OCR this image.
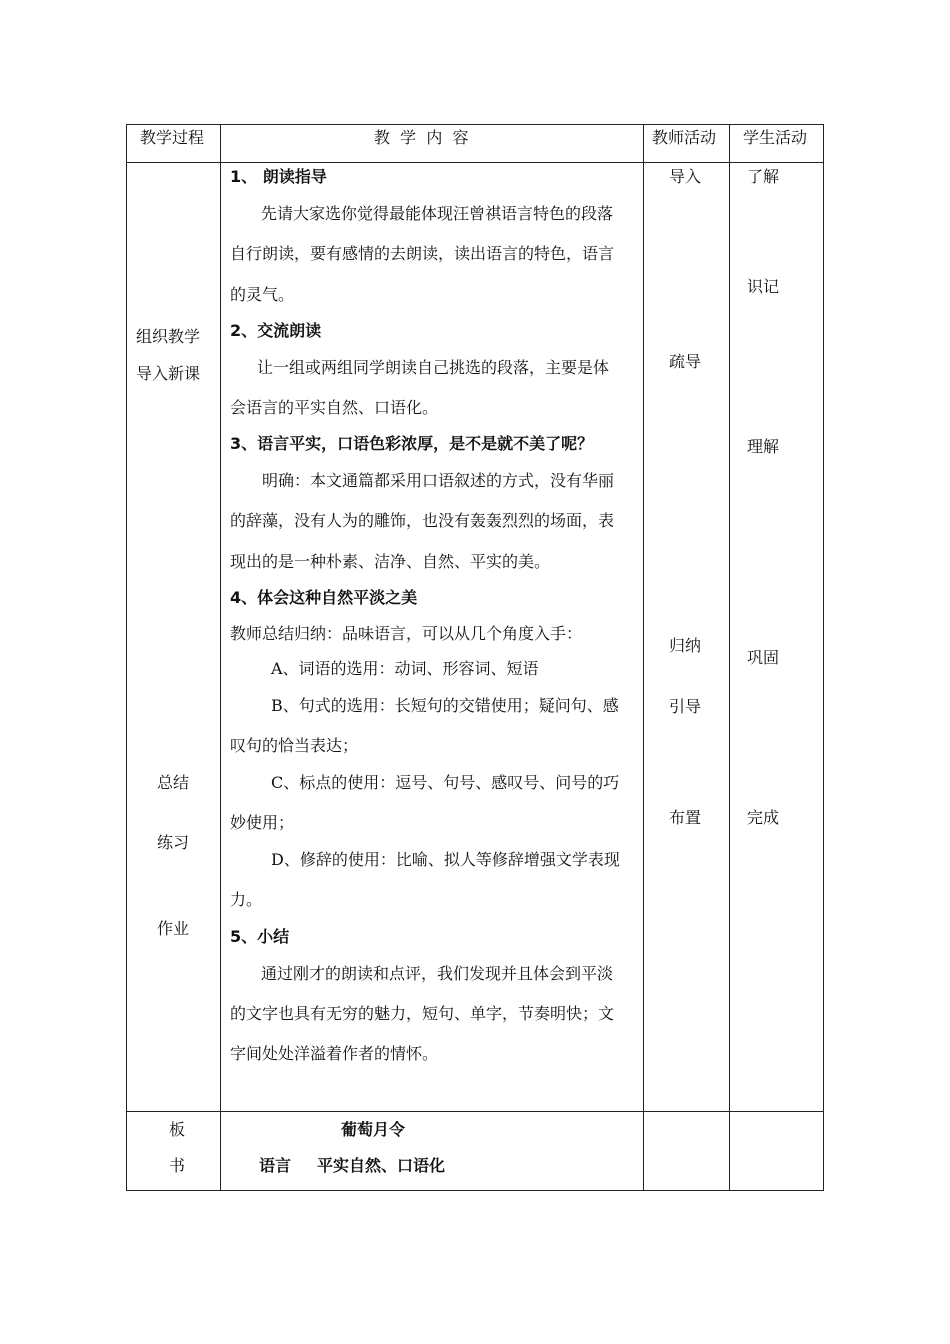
教学过程	教  学  内  容	教师活动 学生活动
组织教学
导入新课
总结
练习
作业
1、 朗读指导
先请大家选你觉得最能体现汪曾祺语言特色的段落
自行朗读，要有感情的去朗读，读出语言的特色，语言
的灵气。
2、交流朗读
让一组或两组同学朗读自己挑选的段落，主要是体
会语言的平实自然、口语化。
3、语言平实，口语色彩浓厚，是不是就不美了呢？
明确：本文通篇都采用口语叙述的方式，没有华丽
的辞藻，没有人为的雕饰，也没有轰轰烈烈的场面，表
现出的是一种朴素、洁净、自然、平实的美。
4、体会这种自然平淡之美
教师总结归纳：品味语言，可以从几个角度入手：
A、词语的选用：动词、形容词、短语
B、句式的选用：长短句的交错使用；疑问句、感
叹句的恰当表达；
C、标点的使用：逗号、句号、感叹号、问号的巧
妙使用；
D、修辞的使用：比喻、拟人等修辞增强文学表现
力。
5、小结
通过刚才的朗读和点评，我们发现并且体会到平淡
的文字也具有无穷的魅力，短句、单字，节奏明快；文
字间处处洋溢着作者的情怀。
导入
疏导
归纳
引导
布置
了解
识记
理解
巩固
完成
板
书
葡萄月令
语言 平实自然、口语化
